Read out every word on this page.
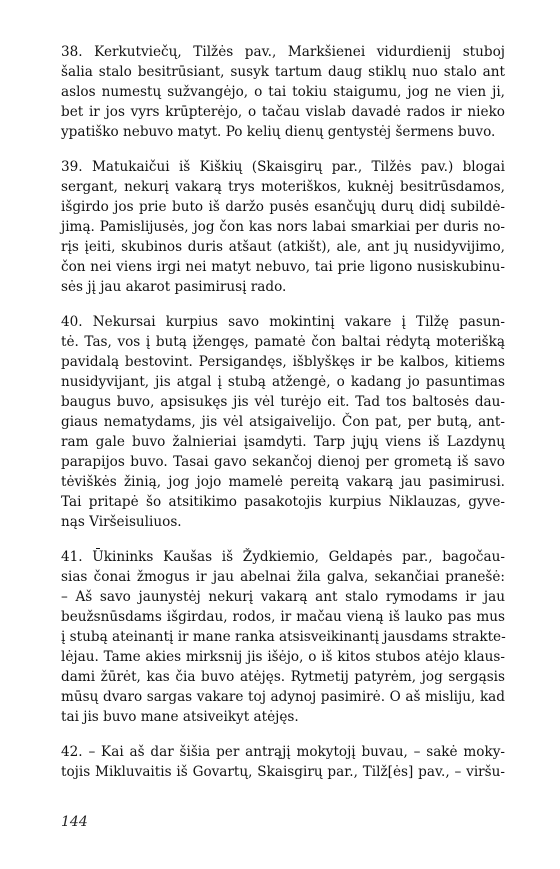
38. Kerkutviečų, Tilžės pav., Markšienei vidurdienij stuboj
šalia stalo besitrūsiant, susyk tartum daug stiklų nuo stalo ant
aslos numestų sužvangėjo, o tai tokiu staigumu, jog ne vien ji,
bet ir jos vyrs krūpterėjo, o tačau vislab davadė rados ir nieko
ypatiško nebuvo matyt. Po kelių dienų gentystėj šermens buvo.
39. Matukaičui iš Kiškių (Skaisgirų par., Tilžės pav.) blogai
sergant, nekurį vakarą trys moteriškos, kuknėj besitrūsdamos,
išgirdo jos prie buto iš daržo pusės esančųjų durų didį subildė-
jimą. Pamislijusės, jog čon kas nors labai smarkiai per duris no-
rįs įeiti, skubinos duris atšaut (atkišt), ale, ant jų nusidyvijimo,
čon nei viens irgi nei matyt nebuvo, tai prie ligono nusiskubinu-
sės jį jau akarot pasimirusį rado.
40. Nekursai kurpius savo mokintinį vakare į Tilžę pasun-
tė. Tas, vos į butą įžengęs, pamatė čon baltai rėdytą moterišką
pavidalą bestovint. Persigandęs, išblyškęs ir be kalbos, kitiems
nusidyvijant, jis atgal į stubą atžengė, o kadang jo pasuntimas
baugus buvo, apsisukęs jis vėl turėjo eit. Tad tos baltosės dau-
giaus nematydams, jis vėl atsigaivelijo. Čon pat, per butą, ant-
ram gale buvo žalnieriai įsamdyti. Tarp jųjų viens iš Lazdynų
parapijos buvo. Tasai gavo sekančoj dienoj per grometą iš savo
tėviškės žinią, jog jojo mamelė pereitą vakarą jau pasimirusi.
Tai pritapė šo atsitikimo pasakotojis kurpius Niklauzas, gyve-
nąs Viršeisuliuos.
41. Ūkininks Kaušas iš Žydkiemio, Geldapės par., bagočau-
sias čonai žmogus ir jau abelnai žila galva, sekančiai pranešė:
– Aš savo jaunystėj nekurį vakarą ant stalo rymodams ir jau
beužsnūsdams išgirdau, rodos, ir mačau vieną iš lauko pas mus
į stubą ateinantį ir mane ranka atsisveikinantį jausdams strakte-
lėjau. Tame akies mirksnij jis išėjo, o iš kitos stubos atėjo klaus-
dami žūrėt, kas čia buvo atėjęs. Rytmetij patyrėm, jog sergąsis
mūsų dvaro sargas vakare toj adynoj pasimirė. O aš misliju, kad
tai jis buvo mane atsiveikyt atėjęs.
42. – Kai aš dar šišia per antrąjį mokytojį buvau, – sakė moky-
tojis Mikluvaitis iš Govartų, Skaisgirų par., Tilž[ės] pav., – viršu-
144
